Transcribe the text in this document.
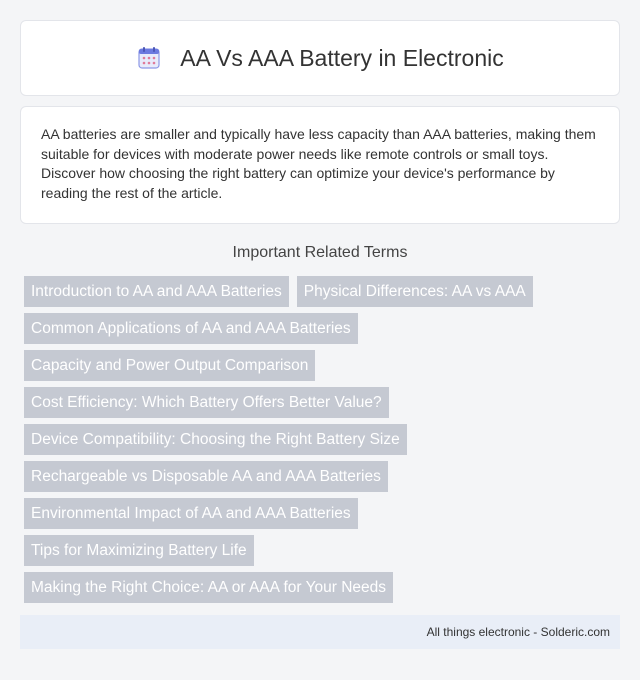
AA Vs AAA Battery in Electronic

AA batteries are smaller and typically have less capacity than AAA batteries, making them suitable for devices with moderate power needs like remote controls or small toys. Discover how choosing the right battery can optimize your device's performance by reading the rest of the article.

Important Related Terms
Introduction to AA and AAA Batteries	Physical Differences: AA vs AAA
Common Applications of AA and AAA Batteries
Capacity and Power Output Comparison
Cost Efficiency: Which Battery Offers Better Value?
Device Compatibility: Choosing the Right Battery Size
Rechargeable vs Disposable AA and AAA Batteries
Environmental Impact of AA and AAA Batteries
Tips for Maximizing Battery Life
Making the Right Choice: AA or AAA for Your Needs
All things electronic - Solderic.com
